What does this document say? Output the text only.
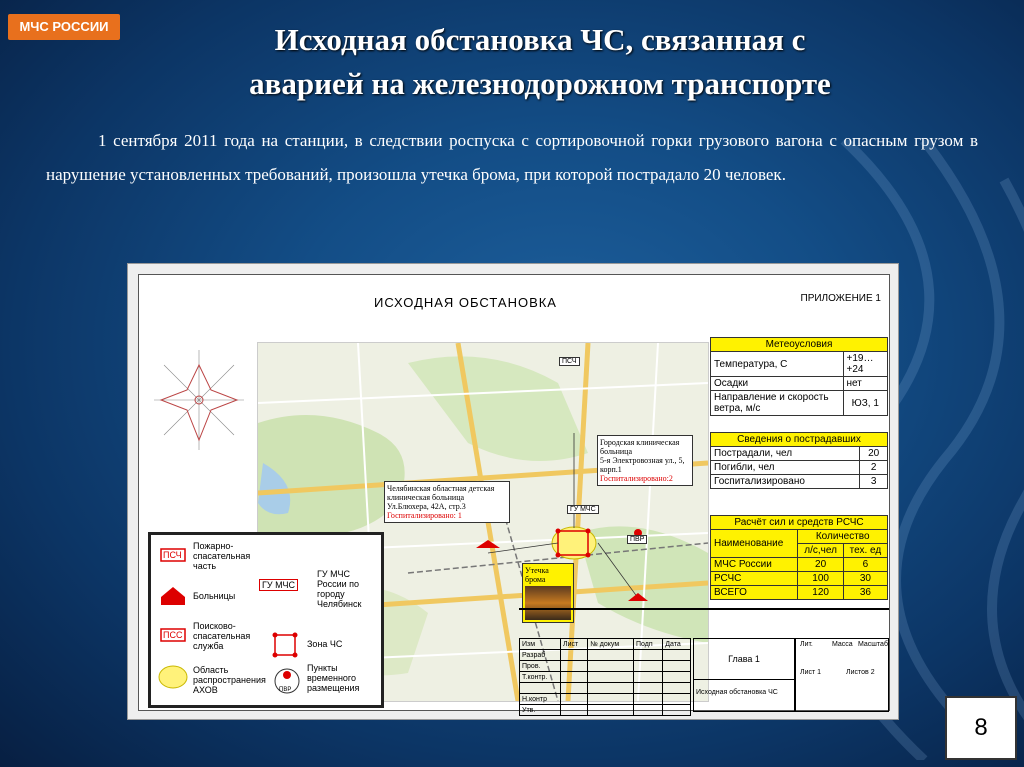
МЧС РОССИИ	Исходная обстановка ЧС, связанная с
аварией на железнодорожном транспорте
1 сентября 2011 года на станции, в следствии роспуска с сортировочной горки грузового вагона с опасным грузом в нарушение установленных требований, произошла утечка брома, при которой пострадало 20 человек.
ИСХОДНАЯ ОБСТАНОВКА	ПРИЛОЖЕНИЕ 1
ПСЧ
ГУ МЧС
ПВР
Челябинская областная детская клиническая больница
Ул.Блюхера, 42А, стр.3
Госпитализировано: 1
Городская клиническая больница
5-я Электровозная ул., 5, корп.1
Госпитализировано:2
Утечка брома
Метеоусловия	
Температура, С	+19…+24
Осадки	нет
Направление и скорость ветра, м/с	ЮЗ, 1
Сведения о пострадавших	
Пострадали, чел	20
Погибли, чел	2
Госпитализировано	3
Расчёт сил и средств РСЧС		
Наименование	Количество	
	л/с,чел	тех. ед
МЧС России	20	6
РСЧС	100	30
ВСЕГО	120	36
ПСЧ
Пожарно-спасательная часть
Больницы
ГУ МЧС
ГУ МЧС России по городу Челябинск
ПСС
Поисково-спасательная служба	Зона ЧС
Область распространения АХОВ	ПВР
Пункты временного размещения
Изм	Лист	№ докум	Подп	Дата
Разраб				
Пров.				
Т.контр.				

Н.контр				
Утв.				
Глава 1
Исходная обстановка ЧС
Лит.	Масса Масштаб
Лист 1	Листов 2
8
